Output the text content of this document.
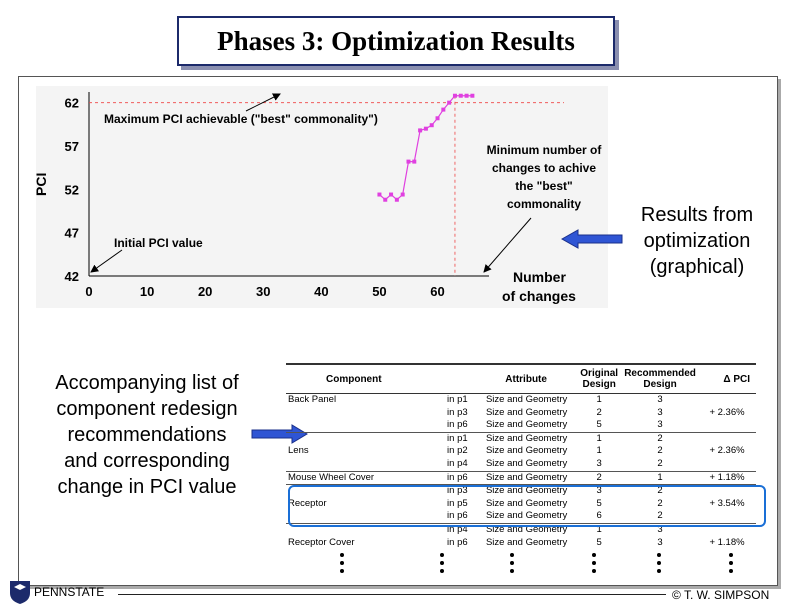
Phases 3: Optimization Results
42
47
52
57
62
0	10	20	30	40	50	60
PCI
Maximum PCI achievable ("best" commonality")
Initial PCI value
Minimum number of
changes to achive
the "best"
commonality
Number
of changes
Results from
optimization
(graphical)
Accompanying list of
component redesign
recommendations
and corresponding
change in PCI value
Component		Attribute	Original Design	Recommended Design	Δ PCI
Back Panel	in p1	Size and Geometry	1	3	
	in p3	Size and Geometry	2	3	+ 2.36%
	in p6	Size and Geometry	5	3	
	in p1	Size and Geometry	1	2	
Lens	in p2	Size and Geometry	1	2	+ 2.36%
	in p4	Size and Geometry	3	2	
Mouse Wheel Cover	in p6	Size and Geometry	2	1	+ 1.18%
	in p3	Size and Geometry	3	2	
Receptor	in p5	Size and Geometry	5	2	+ 3.54%
	in p6	Size and Geometry	6	2	
	in p4	Size and Geometry	1	3	
Receptor Cover	in p6	Size and Geometry	5	3	+ 1.18%
PENNSTATE	© T. W. SIMPSON
